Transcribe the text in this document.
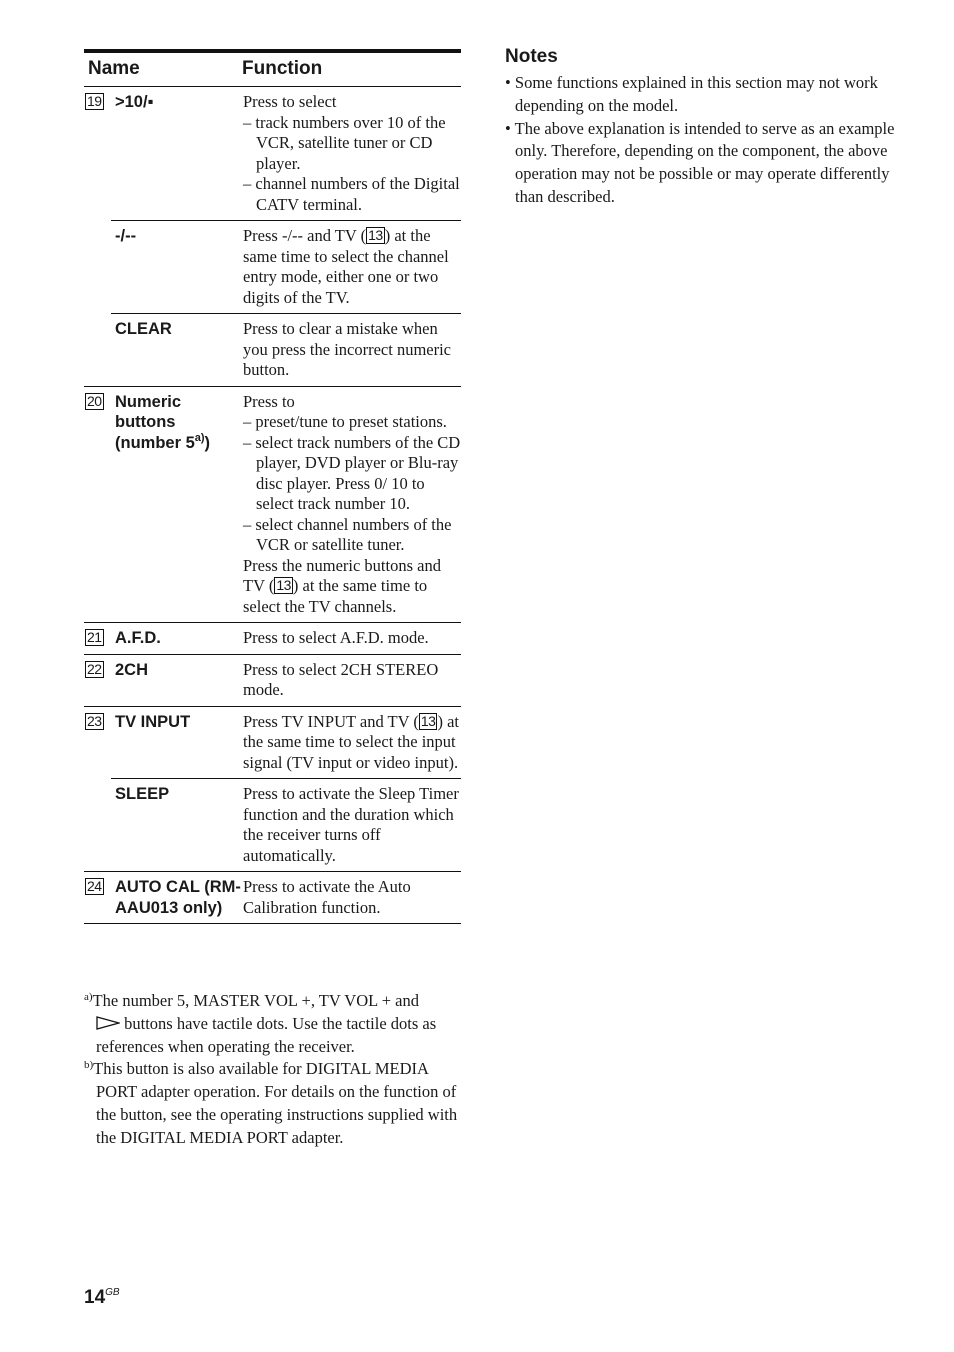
Name		Function
19	>10/▪	Press to select
– track numbers over 10 of the VCR, satellite tuner or CD player.
– channel numbers of the Digital CATV terminal.

	-/--	Press -/-- and TV ( 13 ) at the same time to select the channel entry mode, either one or two digits of the TV.
	CLEAR	Press to clear a mistake when you press the incorrect numeric button.
20	Numeric buttons (number 5$^{a)}$)	Press to
– preset/tune to preset stations.
– select track numbers of the CD player, DVD player or Blu-ray disc player. Press 0/ 10 to select track number 10.
– select channel numbers of the VCR or satellite tuner.
Press the numeric buttons and TV ( 13 ) at the same time to select the TV channels.

21	A.F.D.	Press to select A.F.D. mode.
22	2CH	Press to select 2CH STEREO mode.
23	TV INPUT	Press TV INPUT and TV ( 13 ) at the same time to select the input signal (TV input or video input).
	SLEEP	Press to activate the Sleep Timer function and the duration which the receiver turns off automatically.
24	AUTO CAL (RM-AAU013 only)	Press to activate the Auto Calibration function.

$^{a)}$The number 5, MASTER VOL +, TV VOL + and
buttons have tactile dots. Use the tactile dots as references when operating the receiver.

$^{b)}$This button is also available for DIGITAL MEDIA PORT adapter operation. For details on the function of the button, see the operating instructions supplied with the DIGITAL MEDIA PORT adapter.

Notes
• Some functions explained in this section may not work depending on the model.
• The above explanation is intended to serve as an example only. Therefore, depending on the component, the above operation may not be possible or may operate differently than described.
$14^{GB}$
